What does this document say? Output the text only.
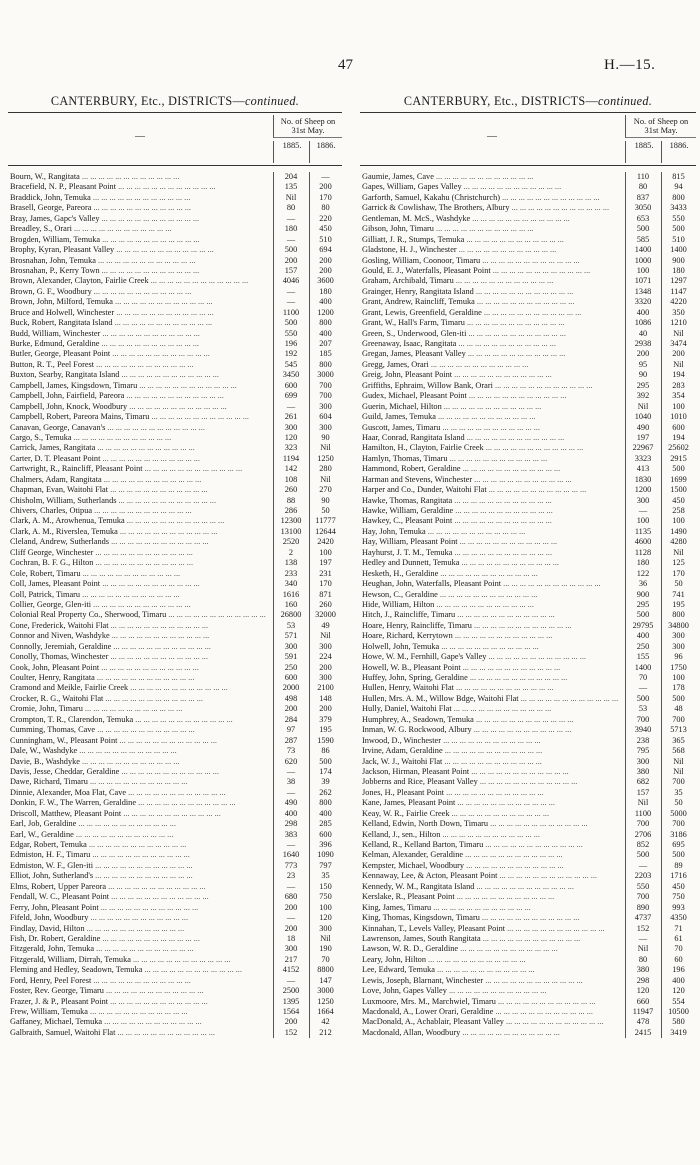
47	H.—15.
CANTERBURY, Etc., DISTRICTS—continued.
—
No. of Sheep on 31st May.
1885.	1886.
Bourn, W., Rangitata ... .	204	—
Bracefield, N. P., Pleasant Point ... .	135	200
Braddick, John, Temuka ... .	Nil	170
Brasell, George, Pareora ... .	80	80
Bray, James, Gapc's Valley ... .	—	220
Breadley, S., Orari ... .	180	450
Brogden, William, Temuka ... .	—	510
Brophy, Kyran, Pleasant Valley ... .	500	694
Brosnahan, John, Temuka ... .	200	200
Brosnahan, P., Kerry Town ... .	157	200
Brown, Alexander, Clayton, Fairlie Creek ... .	4046	3600
Brown, G. F., Woodbury ... .	—	180
Brown, John, Milford, Temuka ... .	—	400
Bruce and Holwell, Winchester ... .	1100	1200
Buck, Robert, Rangitata Island ... .	500	800
Budd, William, Winchester ... .	550	400
Burke, Edmund, Geraldine ... .	196	207
Butler, George, Pleasant Point ... .	192	185
Button, R. T., Peel Forest ... .	545	800
Buxton, Searby, Rangitata Island ... .	3450	3000
Campbell, James, Kingsdown, Timaru ... .	600	700
Campbell, John, Fairfield, Pareora ... .	699	700
Campbell, John, Knock, Woodbury ... .	—	300
Campbell, Robert, Pareora Mains, Timaru ... .	261	604
Canavan, George, Canavan's ... .	300	300
Cargo, S., Temuka ... .	120	90
Carrick, James, Rangitata ... .	323	Nil
Carter, D. T. Pleasant Point ... .	1194	1250
Cartwright, R., Raincliff, Pleasant Point ... .	142	280
Chalmers, Adam, Rangitata ... .	108	Nil
Chapman, Evan, Waitohi Flat ... .	260	270
Chisholm, William, Sutherlands ... .	88	90
Chivers, Charles, Otipua ... .	286	50
Clark, A. M., Arowhenua, Temuka ... .	12300	11777
Clark, A. M., Riverslea, Temuka ... .	13100	12644
Cleland, Andrew, Sutherlands ... .	2520	2420
Cliff George, Winchester ... .	2	100
Cochran, B. F. G., Hilton ... .	138	197
Cole, Robert, Timaru ... .	233	231
Coll, James, Pleasant Point ... .	340	170
Coll, Patrick, Timaru ... .	1616	871
Collier, George, Glen-iti ... .	160	260
Colonial Real Property Co., Sherwood, Timaru ... .	26800	32000
Cone, Frederick, Waitohi Flat ... .	53	49
Connor and Niven, Washdyke ... .	571	Nil
Connolly, Jeremiah, Geraldine ... .	300	300
Conolly, Thomas, Winchester ... .	591	224
Cook, John, Pleasant Point ... .	250	200
Coulter, Henry, Rangitata ... .	600	300
Cramond and Meikle, Fairlie Creek ... .	2000	2100
Crocker, R. G., Waitohi Flat ... .	498	148
Cromie, John, Timaru ... .	200	200
Crompton, T. R., Clarendon, Temuka ... .	284	379
Cumming, Thomas, Cave ... .	97	195
Cunningham, W., Pleasant Point ... .	287	1590
Dale, W., Washdyke ... .	73	86
Davie, B., Washdyke ... .	620	500
Davis, Jesse, Cheddar, Geraldine ... .	—	174
Dawe, Richard, Timaru ... .	38	39
Dinnie, Alexander, Moa Flat, Cave ... .	—	262
Donkin, F. W., The Warren, Geraldine ... .	490	800
Driscoll, Matthew, Pleasant Point ... .	400	400
Earl, Job, Geraldine ... .	298	285
Earl, W., Geraldine ... .	383	600
Edgar, Robert, Temuka ... .	—	396
Edmiston, H. F., Timaru ... .	1640	1090
Edmiston, W. F., Glen-iti ... .	773	797
Elliot, John, Sutherland's ... .	23	35
Elms, Robert, Upper Pareora ... .	—	150
Fendall, W. C., Pleasant Point ... .	680	750
Ferry, John, Pleasant Point ... .	200	100
Fifeld, John, Woodbury ... .	—	120
Findlay, David, Hilton ... .	200	300
Fish, Dr. Robert, Geraldine ... .	18	Nil
Fitzgerald, John, Temuka ... .	300	190
Fitzgerald, William, Dirrah, Temuka ... .	217	70
Fleming and Hedley, Seadown, Temuka ... .	4152	8800
Ford, Henry, Peel Forest ... .	—	147
Foster, Rev. George, Timaru ... .	2500	3000
Frazer, J. & P., Pleasant Point ... .	1395	1250
Frew, William, Temuka ... .	1564	1664
Gaffaney, Michael, Temuka ... .	200	42
Galbraith, Samuel, Waitohi Flat ... .	152	212
CANTERBURY, Etc., DISTRICTS—continued.
—
No. of Sheep on 31st May.
1885.	1886.
Gaumie, James, Cave ... .	110	815
Gapes, William, Gapes Valley ... .	80	94
Garforth, Samuel, Kakahu (Christchurch) ... .	837	800
Garrick & Cowlishaw, The Brothers, Albury ... .	3050	3433
Gentleman, M. McS., Washdyke ... .	653	550
Gibson, John, Timaru ... .	500	500
Gilliatt, J. R., Stumps, Temuka ... .	585	510
Gladstone, H. J., Winchester ... .	1400	1400
Gosling, William, Coonoor, Timaru ... .	1000	900
Gould, E. J., Waterfalls, Pleasant Point ... .	100	180
Graham, Archibald, Timaru ... .	1071	1297
Grainger, Henry, Rangitata Island ... .	1348	1147
Grant, Andrew, Raincliff, Temuka ... .	3320	4220
Grant, Lewis, Greenfield, Geraldine ... .	400	350
Grant, W., Hall's Farm, Timaru ... .	1086	1210
Green, S., Underwood, Glen-iti ... .	40	Nil
Greenaway, Isaac, Rangitata ... .	2938	3474
Gregan, James, Pleasant Valley ... .	200	200
Gregg, James, Orari ... .	95	Nil
Greig, John, Pleasant Point ... .	90	194
Griffiths, Ephraim, Willow Bank, Orari ... .	295	283
Gudex, Michael, Pleasant Point ... .	392	354
Guerin, Michael, Hilton ... .	Nil	100
Guild, James, Temuka ... .	1040	1010
Guscott, James, Timaru ... .	490	600
Haar, Conrad, Rangitata Island ... .	197	194
Hamilton, H., Clayton, Fairlie Creek ... .	22967	25602
Hamlyn, Thomas, Timaru ... .	3323	2915
Hammond, Robert, Geraldine ... .	413	500
Harman and Stevens, Winchester ... .	1830	1699
Harper and Co., Dunder, Waitohi Flat ... .	1200	1500
Hawke, Thomas, Rangitata ... .	300	450
Hawke, William, Geraldine ... .	—	258
Hawkey, C., Pleasant Point ... .	100	100
Hay, John, Temuka ... .	1135	1490
Hay, William, Pleasant Point ... .	4600	4280
Hayhurst, J. T. M., Temuka ... .	1128	Nil
Hedley and Dunnett, Temuka ... .	180	125
Hesketh, H., Geraldine ... .	122	170
Heughan, John, Waterfalls, Pleasant Point ... .	36	50
Hewson, C., Geraldine ... .	900	741
Hide, William, Hilton ... .	295	195
Hitch, J., Raincliffe, Timaru ... .	500	800
Hoare, Henry, Raincliffe, Timaru ... .	29795	34800
Hoare, Richard, Kerrytown ... .	400	300
Holwell, John, Temuka ... .	250	300
Howe, W. M., Fernhill, Gape's Valley ... .	155	96
Howell, W. B., Pleasant Point ... .	1400	1750
Huffey, John, Spring, Geraldine ... .	70	100
Hullen, Henry, Waitohi Flat ... .	—	178
Hullen, Mrs. A. M., Willow Bdge, Waitohi Flat ... .	500	500
Hully, Daniel, Waitohi Flat ... .	53	48
Humphrey, A., Seadown, Temuka ... .	700	700
Inman, W. G. Rockwood, Albury ... .	3940	5713
Inwood, D., Winchester ... .	238	365
Irvine, Adam, Geraldine ... .	795	568
Jack, W. J., Waitohi Flat ... .	300	Nil
Jackson, Hirman, Pleasant Point ... .	380	Nil
Jobberns and Rice, Pleasant Valley ... .	682	700
Jones, H., Pleasant Point ... .	157	35
Kane, James, Pleasant Point ... .	Nil	50
Keay, W. R., Fairlie Creek ... .	1100	5000
Kelland, Edwin, North Down, Timaru ... .	700	700
Kelland, J., sen., Hilton ... .	2706	3186
Kelland, R., Kelland Barton, Timaru ... .	852	695
Kelman, Alexander, Geraldine ... .	500	500
Kempster, Michael, Woodbury ... .	—	89
Kennaway, Lee, & Acton, Pleasant Point ... .	2203	1716
Kennedy, W. M., Rangitata Island ... .	550	450
Kerslake, R., Pleasant Point ... .	700	750
King, James, Timaru ... .	890	993
King, Thomas, Kingsdown, Timaru ... .	4737	4350
Kinnahan, T., Levels Valley, Pleasant Point ... .	152	71
Lawrenson, James, South Rangitata ... .	—	61
Lawson, W. R. D., Geraldine ... .	Nil	70
Leary, John, Hilton ... .	80	60
Lee, Edward, Temuka ... .	380	196
Lewis, Joseph, Blarnant, Winchester ... .	298	400
Love, John, Gapes Valley ... .	120	120
Luxmoore, Mrs. M., Marchwiel, Timaru ... .	660	554
Macdonald, A., Lower Orari, Geraldine ... .	11947	10500
MacDonald, A., Achablair, Pleasant Valley ... .	478	580
Macdonald, Allan, Woodbury ... .	2415	3419
